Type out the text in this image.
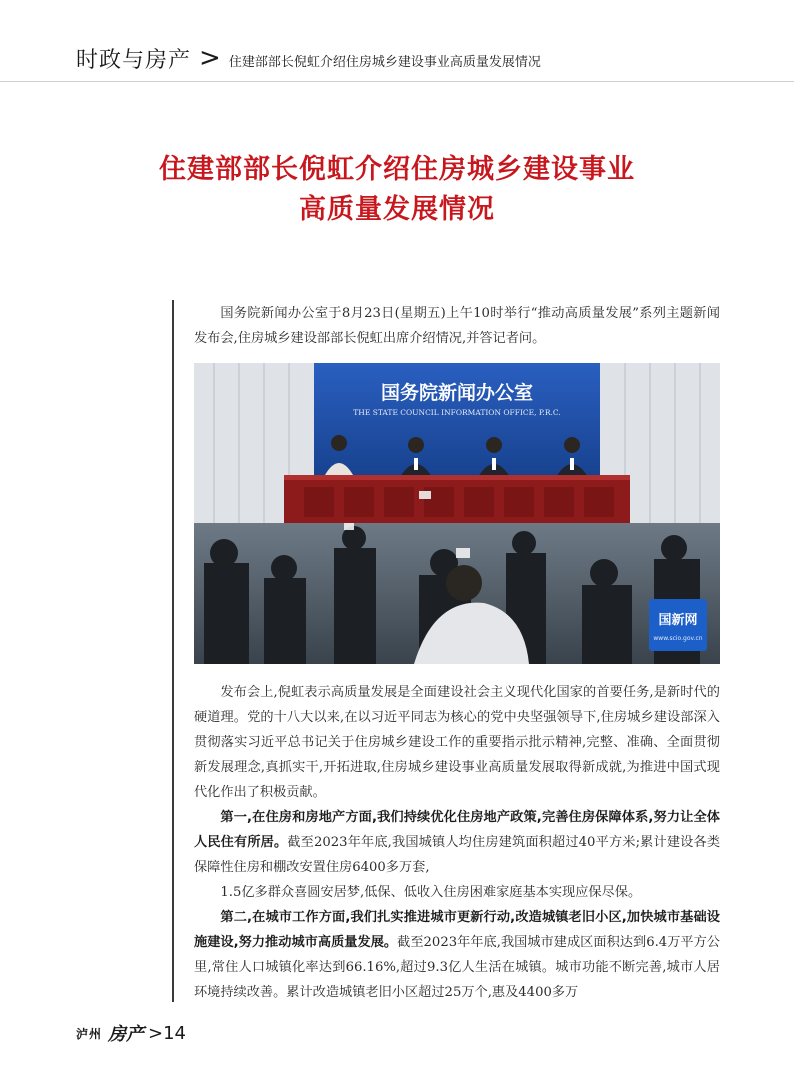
时政与房产 > 住建部部长倪虹介绍住房城乡建设事业高质量发展情况
住建部部长倪虹介绍住房城乡建设事业
高质量发展情况

国务院新闻办公室于8月23日(星期五)上午10时举行“推动高质量发展”系列主题新闻发布会,住房城乡建设部部长倪虹出席介绍情况,并答记者问。

国务院新闻办公室
THE STATE COUNCIL INFORMATION OFFICE, P.R.C.
国新网
www.scio.gov.cn

发布会上,倪虹表示高质量发展是全面建设社会主义现代化国家的首要任务,是新时代的硬道理。党的十八大以来,在以习近平同志为核心的党中央坚强领导下,住房城乡建设部深入贯彻落实习近平总书记关于住房城乡建设工作的重要指示批示精神,完整、准确、全面贯彻新发展理念,真抓实干,开拓进取,住房城乡建设事业高质量发展取得新成就,为推进中国式现代化作出了积极贡献。

第一,在住房和房地产方面,我们持续优化住房地产政策,完善住房保障体系,努力让全体人民住有所居。截至2023年年底,我国城镇人均住房建筑面积超过40平方米;累计建设各类保障性住房和棚改安置住房6400多万套,

1.5亿多群众喜圆安居梦,低保、低收入住房困难家庭基本实现应保尽保。

第二,在城市工作方面,我们扎实推进城市更新行动,改造城镇老旧小区,加快城市基础设施建设,努力推动城市高质量发展。截至2023年年底,我国城市建成区面积达到6.4万平方公里,常住人口城镇化率达到66.16%,超过9.3亿人生活在城镇。城市功能不断完善,城市人居环境持续改善。累计改造城镇老旧小区超过25万个,惠及4400多万

泸州 房产 >14
